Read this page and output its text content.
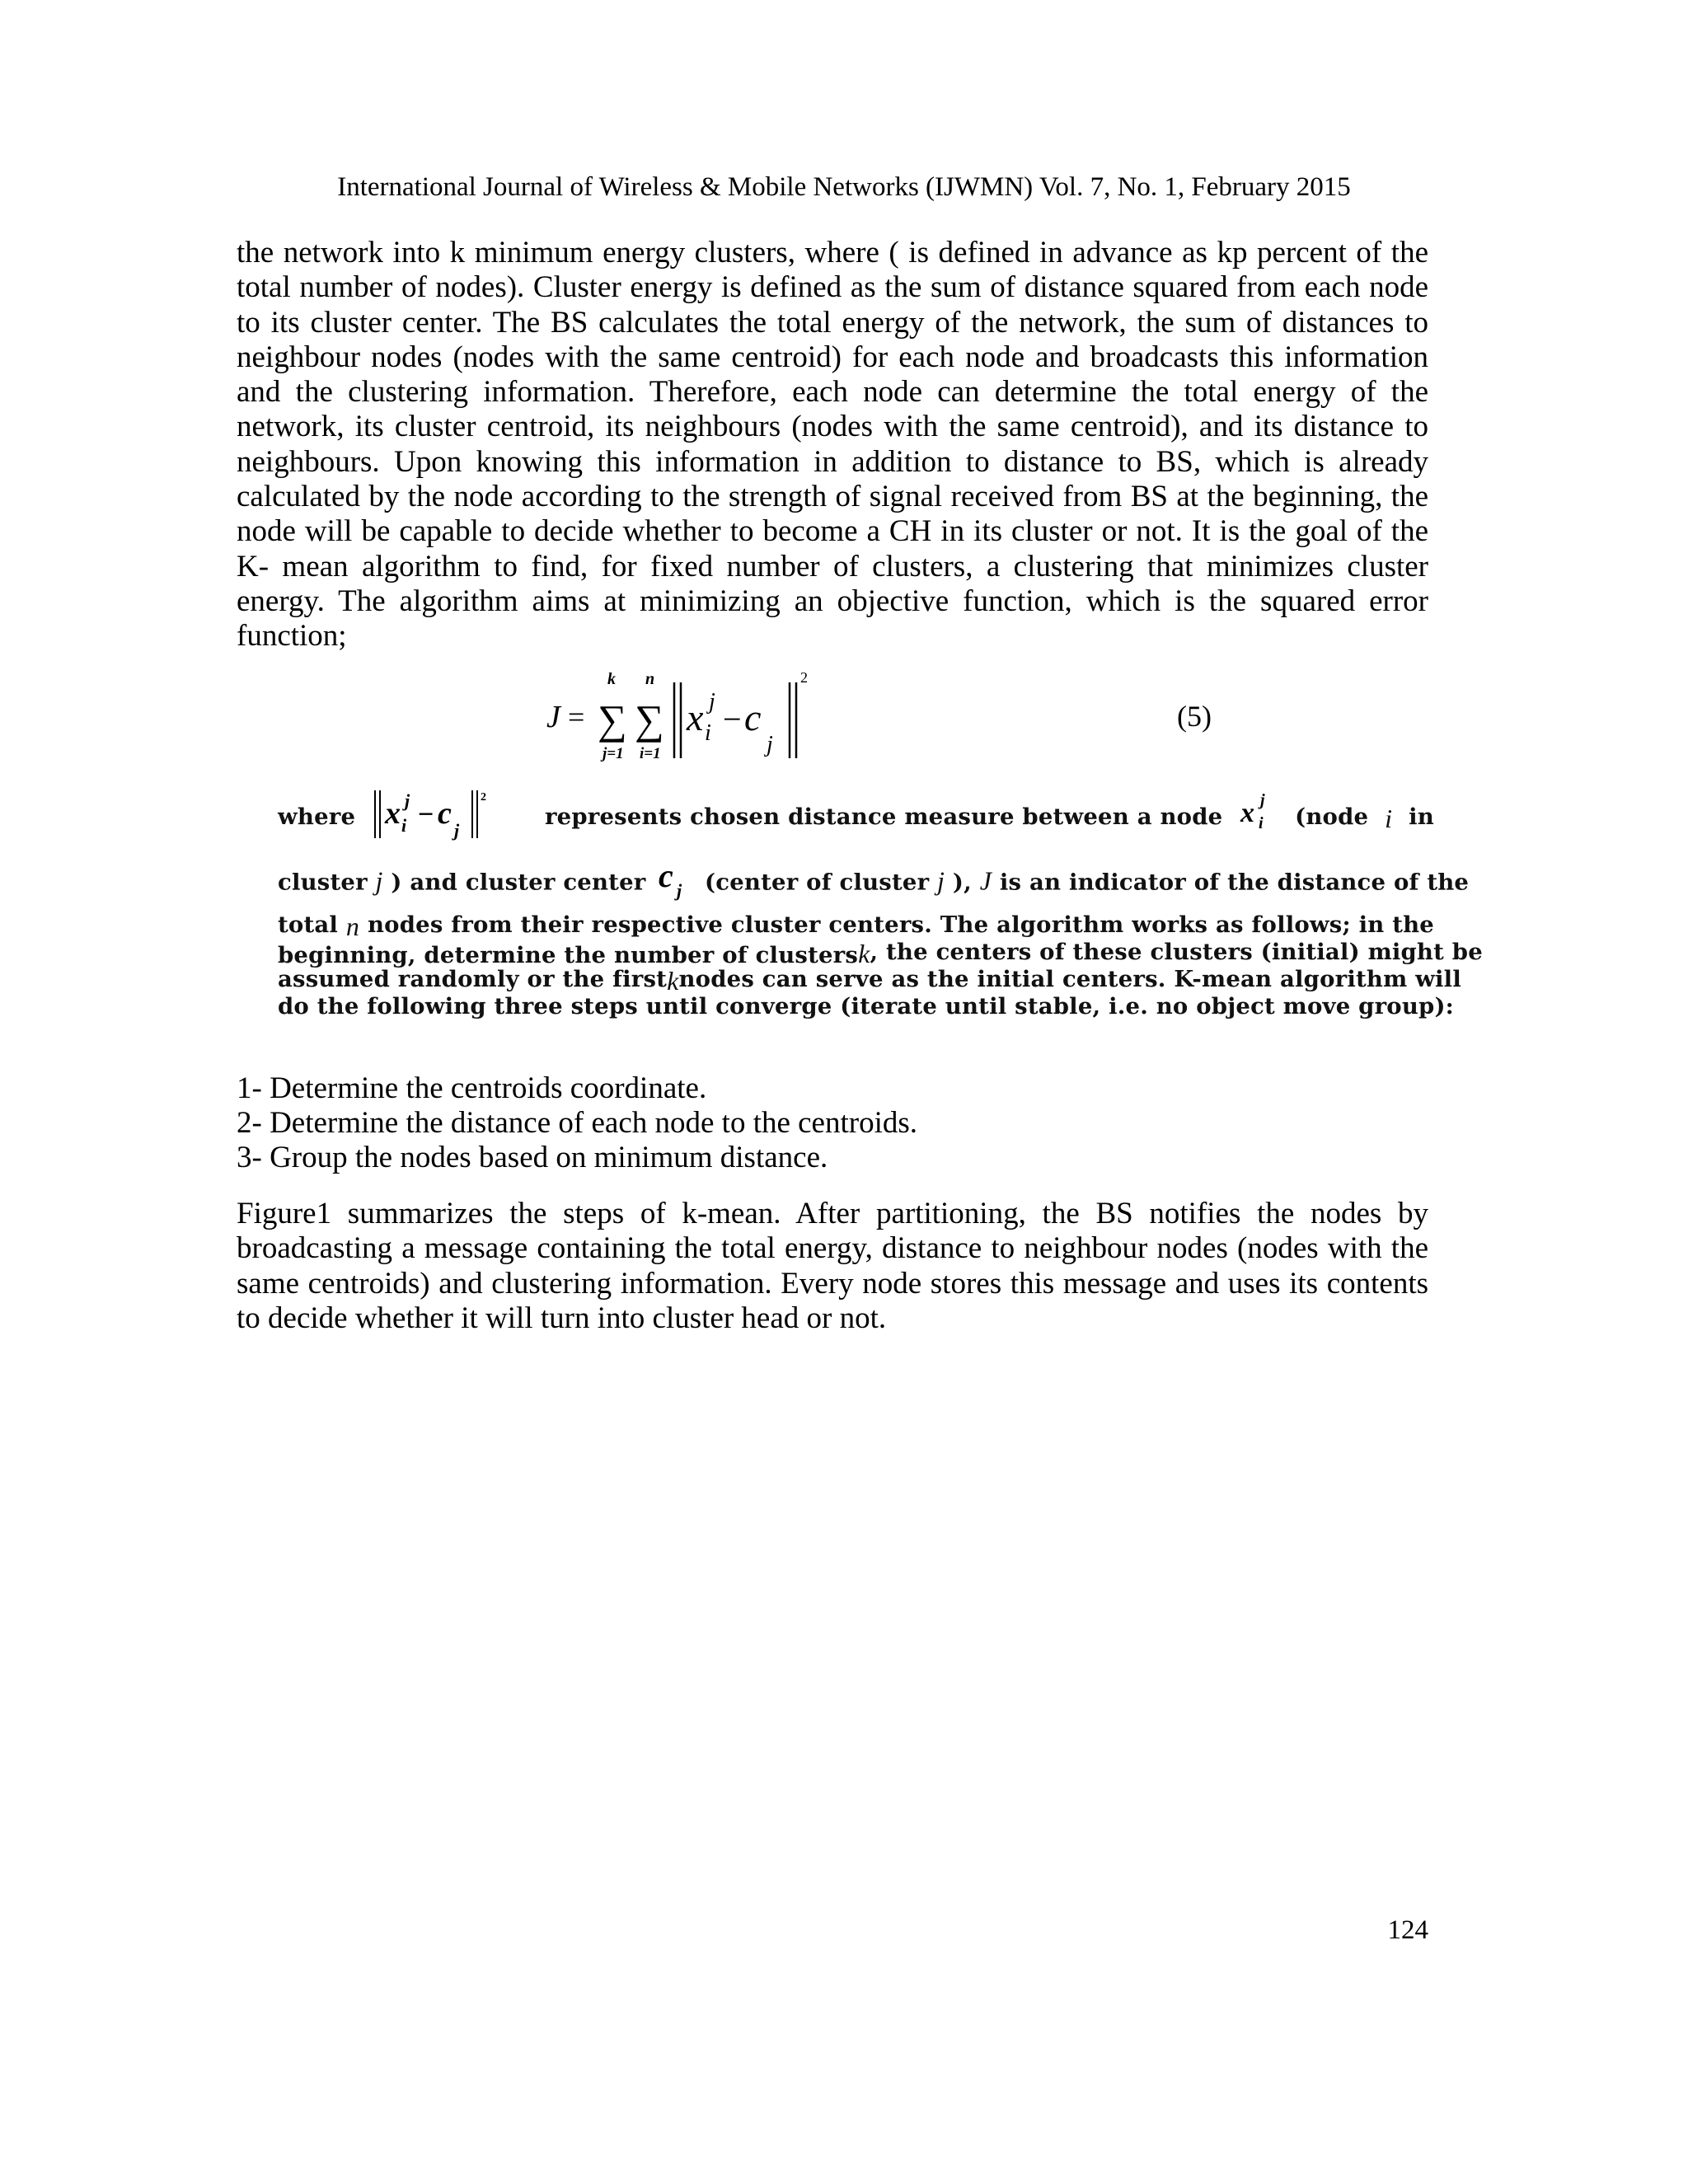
International Journal of Wireless & Mobile Networks (IJWMN) Vol. 7, No. 1, February 2015

the network into k minimum energy clusters, where ( is defined in advance as kp percent of the total number of nodes). Cluster energy is defined as the sum of distance squared from each node to its cluster center. The BS calculates the total energy of the network, the sum of distances to neighbour nodes (nodes with the same centroid) for each node and broadcasts this information and the clustering information. Therefore, each node can determine the total energy of the network, its cluster centroid, its neighbours (nodes with the same centroid), and its distance to neighbours. Upon knowing this information in addition to distance to BS, which is already calculated by the node according to the strength of signal received from BS at the beginning, the node will be capable to decide whether to become a CH in its cluster or not. It is the goal of the K- mean algorithm to find, for fixed number of clusters, a clustering that minimizes cluster energy. The algorithm aims at minimizing an objective function, which is the squared error function;

J =
k
∑
j=1
n
∑
i=1
x j
i − c
j
2
(5)
where x j
i − c j
2
represents chosen distance measure between a node x j
i (node i in
cluster j ) and cluster center c j (center of cluster j ), J is an indicator of the distance of the
total n nodes from their respective cluster centers. The algorithm works as follows; in the
beginning, determine the number of clustersk , the centers of these clusters (initial) might be
assumed randomly or the first k nodes can serve as the initial centers. K-mean algorithm will
do the following three steps until converge (iterate until stable, i.e. no object move group):
1- Determine the centroids coordinate.
2- Determine the distance of each node to the centroids.
3- Group the nodes based on minimum distance.

Figure1 summarizes the steps of k-mean. After partitioning, the BS notifies the nodes by broadcasting a message containing the total energy, distance to neighbour nodes (nodes with the same centroids) and clustering information. Every node stores this message and uses its contents to decide whether it will turn into cluster head or not.

124
